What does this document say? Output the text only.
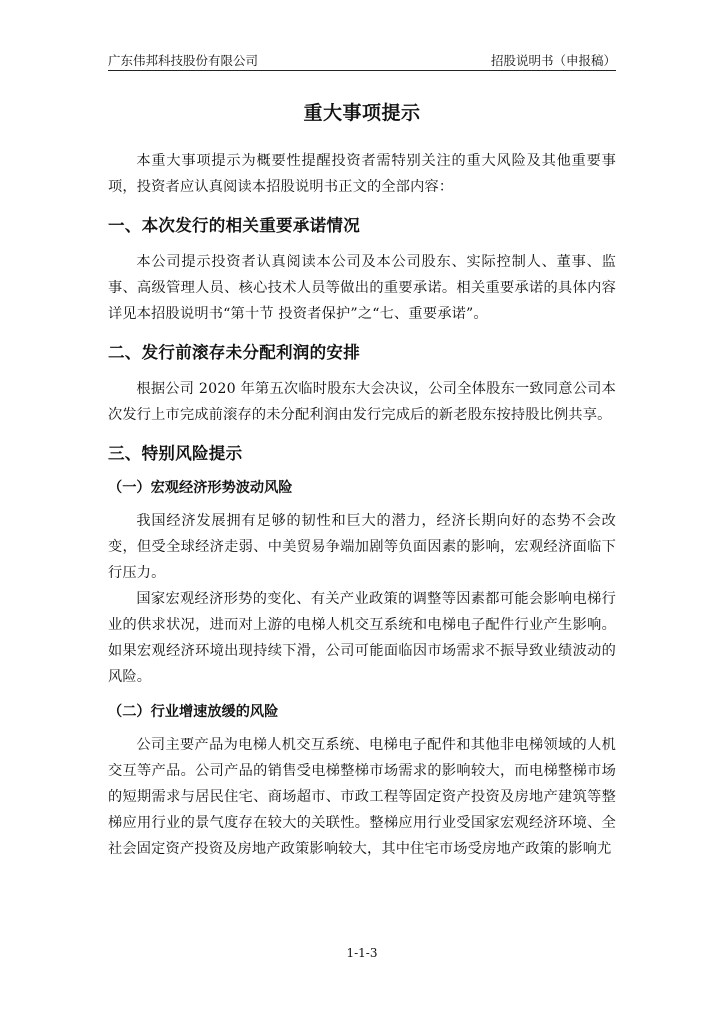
广东伟邦科技股份有限公司	招股说明书（申报稿）
重大事项提示

本重大事项提示为概要性提醒投资者需特别关注的重大风险及其他重要事项，投资者应认真阅读本招股说明书正文的全部内容：

一、本次发行的相关重要承诺情况

本公司提示投资者认真阅读本公司及本公司股东、实际控制人、董事、监事、高级管理人员、核心技术人员等做出的重要承诺。相关重要承诺的具体内容详见本招股说明书“第十节 投资者保护”之“七、重要承诺”。

二、发行前滚存未分配利润的安排

根据公司 2020 年第五次临时股东大会决议，公司全体股东一致同意公司本次发行上市完成前滚存的未分配利润由发行完成后的新老股东按持股比例共享。

三、特别风险提示
（一）宏观经济形势波动风险

我国经济发展拥有足够的韧性和巨大的潜力，经济长期向好的态势不会改变，但受全球经济走弱、中美贸易争端加剧等负面因素的影响，宏观经济面临下行压力。

国家宏观经济形势的变化、有关产业政策的调整等因素都可能会影响电梯行业的供求状况，进而对上游的电梯人机交互系统和电梯电子配件行业产生影响。如果宏观经济环境出现持续下滑，公司可能面临因市场需求不振导致业绩波动的风险。

（二）行业增速放缓的风险

公司主要产品为电梯人机交互系统、电梯电子配件和其他非电梯领域的人机交互等产品。公司产品的销售受电梯整梯市场需求的影响较大，而电梯整梯市场的短期需求与居民住宅、商场超市、市政工程等固定资产投资及房地产建筑等整梯应用行业的景气度存在较大的关联性。整梯应用行业受国家宏观经济环境、全社会固定资产投资及房地产政策影响较大，其中住宅市场受房地产政策的影响尤

1-1-3
